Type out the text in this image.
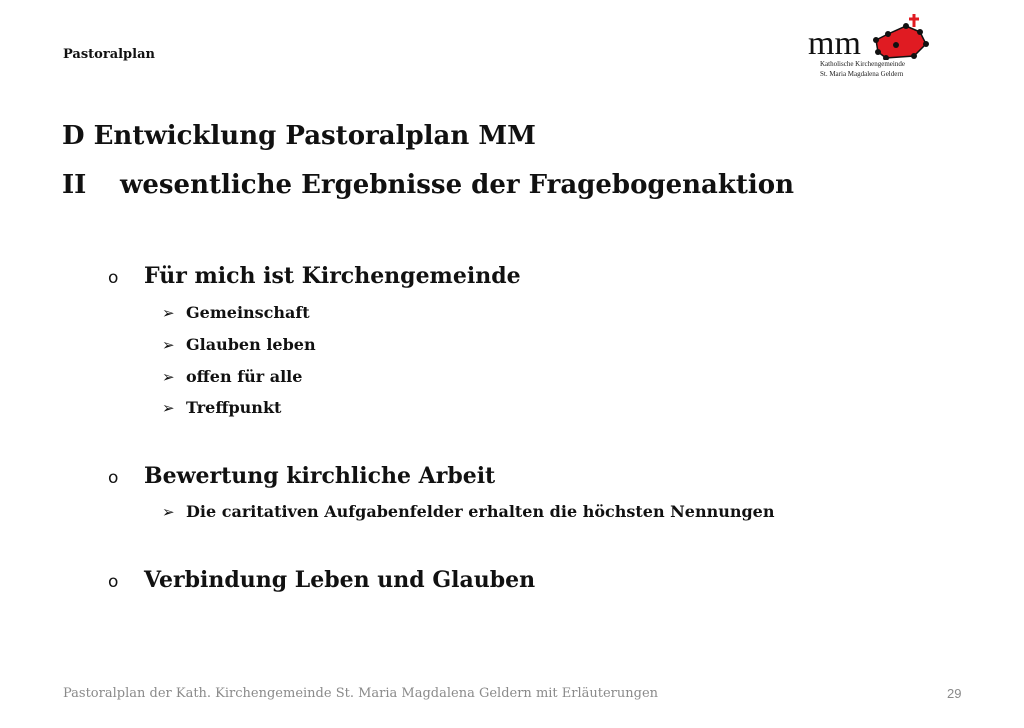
Pastoralplan	mm
Katholische Kirchengemeinde
St. Maria Magdalena Geldern
D Entwicklung Pastoralplan MM
II wesentliche Ergebnisse der Fragebogenaktion
o Für mich ist Kirchengemeinde
➢ Gemeinschaft
➢ Glauben leben
➢ offen für alle
➢ Treffpunkt
o Bewertung kirchliche Arbeit
➢ Die caritativen Aufgabenfelder erhalten die höchsten Nennungen
o Verbindung Leben und Glauben
Pastoralplan der Kath. Kirchengemeinde St. Maria Magdalena Geldern mit Erläuterungen	29
